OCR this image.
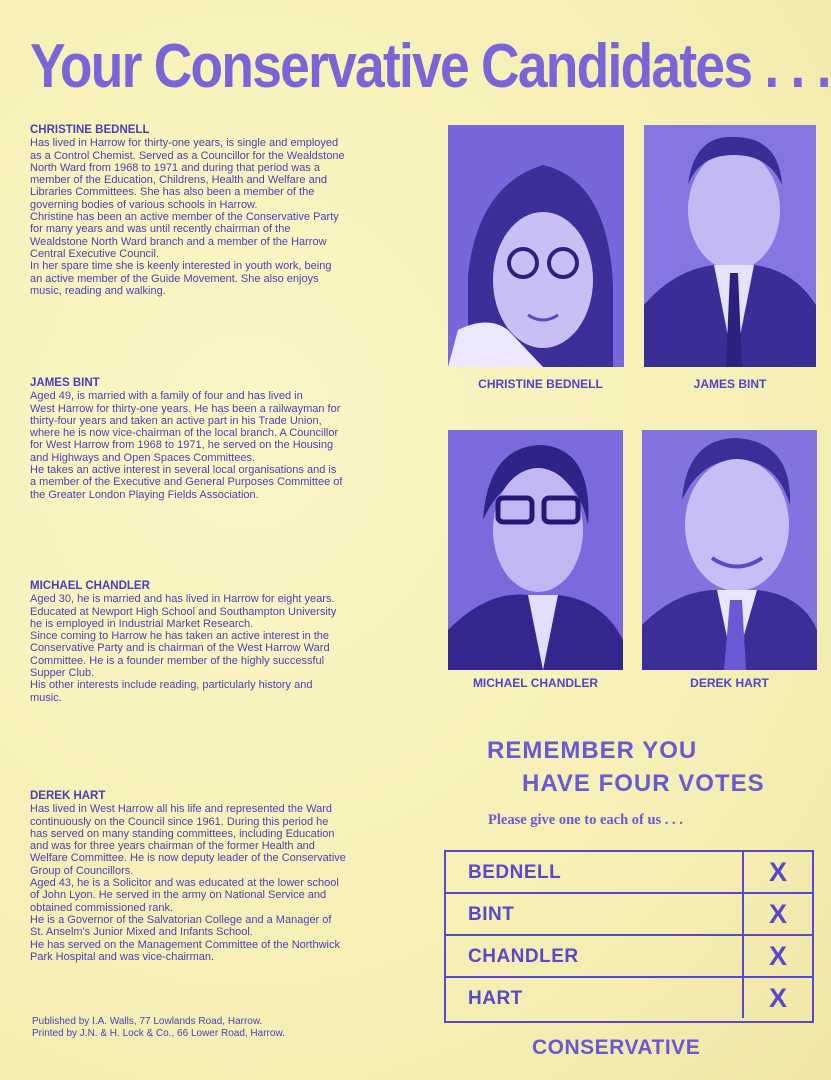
Your Conservative Candidates . . .
CHRISTINE BEDNELL

Has lived in Harrow for thirty-one years, is single and employed

as a Control Chemist. Served as a Councillor for the Wealdstone

North Ward from 1968 to 1971 and during that period was a

member of the Education, Childrens, Health and Welfare and

Libraries Committees. She has also been a member of the

governing bodies of various schools in Harrow.

Christine has been an active member of the Conservative Party

for many years and was until recently chairman of the

Wealdstone North Ward branch and a member of the Harrow

Central Executive Council.

In her spare time she is keenly interested in youth work, being

an active member of the Guide Movement. She also enjoys

music, reading and walking.

JAMES BINT

Aged 49, is married with a family of four and has lived in

West Harrow for thirty-one years. He has been a railwayman for

thirty-four years and taken an active part in his Trade Union,

where he is now vice-chairman of the local branch. A Councillor

for West Harrow from 1968 to 1971, he served on the Housing

and Highways and Open Spaces Committees.

He takes an active interest in several local organisations and is

a member of the Executive and General Purposes Committee of

the Greater London Playing Fields Association.

MICHAEL CHANDLER

Aged 30, he is married and has lived in Harrow for eight years.

Educated at Newport High School and Southampton University

he is employed in Industrial Market Research.

Since coming to Harrow he has taken an active interest in the

Conservative Party and is chairman of the West Harrow Ward

Committee. He is a founder member of the highly successful

Supper Club.

His other interests include reading, particularly history and

music.

DEREK HART

Has lived in West Harrow all his life and represented the Ward

continuously on the Council since 1961. During this period he

has served on many standing committees, including Education

and was for three years chairman of the former Health and

Welfare Committee. He is now deputy leader of the Conservative

Group of Councillors.

Aged 43, he is a Solicitor and was educated at the lower school

of John Lyon. He served in the army on National Service and

obtained commissioned rank.

He is a Governor of the Salvatorian College and a Manager of

St. Anselm's Junior Mixed and Infants School.

He has served on the Management Committee of the Northwick

Park Hospital and was vice-chairman.

CHRISTINE BEDNELL	JAMES BINT
MICHAEL CHANDLER	DEREK HART
REMEMBER YOU
HAVE FOUR VOTES
Please give one to each of us . . .
BEDNELL	X
BINT	X
CHANDLER	X
HART	X
CONSERVATIVE

Published by I.A. Walls, 77 Lowlands Road, Harrow.

Printed by J.N. & H. Lock & Co., 66 Lower Road, Harrow.
